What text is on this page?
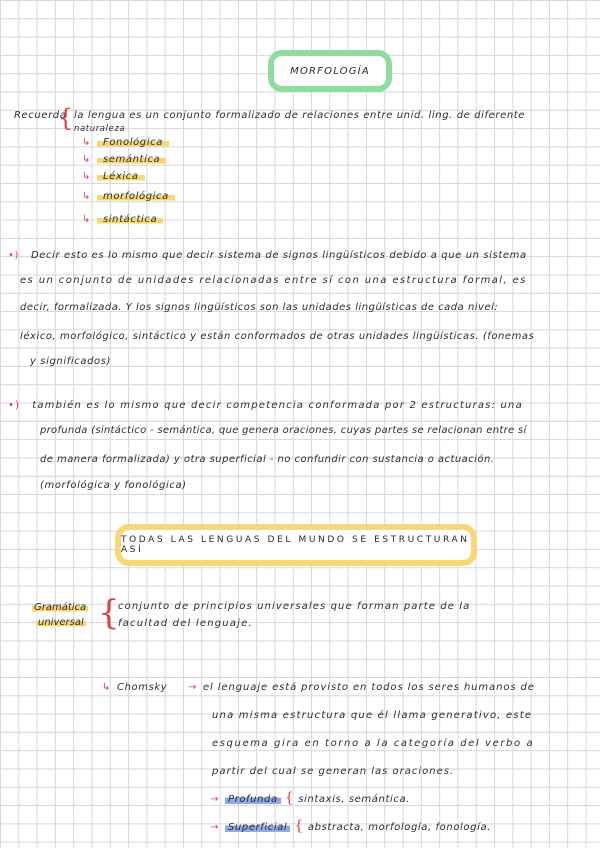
MORFOLOGÍA
Recuerda
{ la lengua es un conjunto formalizado de relaciones entre unid. ling. de diferente
naturaleza
↳ Fonológica
↳ semántica
↳ Léxica
↳ morfológica
↳ sintáctica
•) Decir esto es lo mismo que decir sistema de signos lingüísticos debido a que un sistema
es un conjunto de unidades relacionadas entre sí con una estructura formal, es
decir, formalizada. Y los signos lingüísticos son las unidades lingüísticas de cada nivel:
léxico, morfológico, sintáctico y están conformados de otras unidades lingüísticas. (fonemas
y significados)
•) también es lo mismo que decir competencia conformada por 2 estructuras: una
profunda (sintáctico - semántica, que genera oraciones, cuyas partes se relacionan entre sí
de manera formalizada) y otra superficial - no confundir con sustancia o actuación.
(morfológica y fonológica)
TODAS LAS LENGUAS DEL MUNDO SE ESTRUCTURAN ASÍ
Gramática
universal {
conjunto de principios universales que forman parte de la
facultad del lenguaje.
↳ Chomsky → el lenguaje está provisto en todos los seres humanos de
una misma estructura que él llama generativo, este
esquema gira en torno a la categoría del verbo a
partir del cual se generan las oraciones.
→ Profunda { sintaxis, semántica.
→ Superficial { abstracta, morfología, fonología.
